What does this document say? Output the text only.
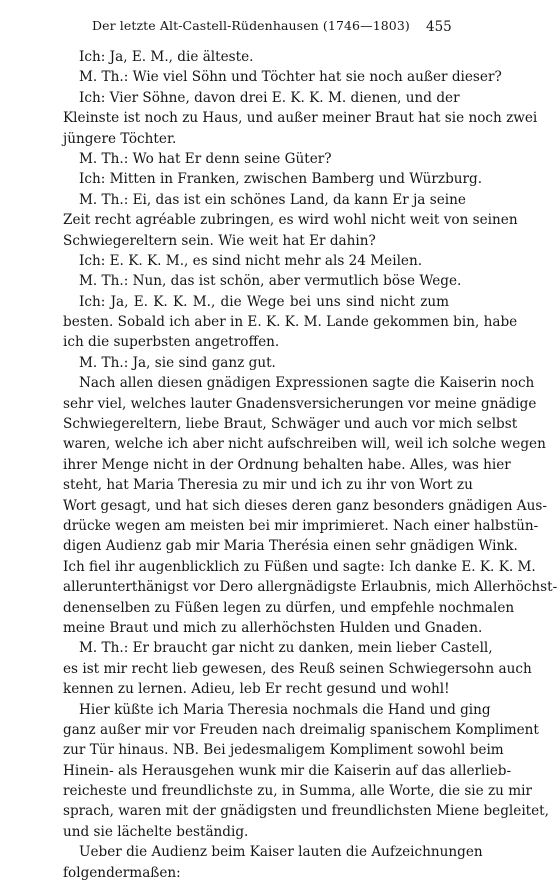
Der letzte Alt-Castell-Rüdenhausen (1746—1803)	455
Ich: Ja, E. M., die älteste.
M. Th.: Wie viel Söhn und Töchter hat sie noch außer dieser?
Ich: Vier Söhne, davon drei E. K. K. M. dienen, und der
Kleinste ist noch zu Haus, und außer meiner Braut hat sie noch zwei
jüngere Töchter.
M. Th.: Wo hat Er denn seine Güter?
Ich: Mitten in Franken, zwischen Bamberg und Würzburg.
M. Th.: Ei, das ist ein schönes Land, da kann Er ja seine
Zeit recht agréable zubringen, es wird wohl nicht weit von seinen
Schwiegereltern sein. Wie weit hat Er dahin?
Ich: E. K. K. M., es sind nicht mehr als 24 Meilen.
M. Th.: Nun, das ist schön, aber vermutlich böse Wege.
Ich: Ja, E. K. K. M., die Wege bei uns sind nicht zum
besten. Sobald ich aber in E. K. K. M. Lande gekommen bin, habe
ich die superbsten angetroffen.
M. Th.: Ja, sie sind ganz gut.
Nach allen diesen gnädigen Expressionen sagte die Kaiserin noch
sehr viel, welches lauter Gnadensversicherungen vor meine gnädige
Schwiegereltern, liebe Braut, Schwäger und auch vor mich selbst
waren, welche ich aber nicht aufschreiben will, weil ich solche wegen
ihrer Menge nicht in der Ordnung behalten habe. Alles, was hier
steht, hat Maria Theresia zu mir und ich zu ihr von Wort zu
Wort gesagt, und hat sich dieses deren ganz besonders gnädigen Aus-
drücke wegen am meisten bei mir imprimieret. Nach einer halbstün-
digen Audienz gab mir Maria Therésia einen sehr gnädigen Wink.
Ich fiel ihr augenblicklich zu Füßen und sagte: Ich danke E. K. K. M.
allerunterthänigst vor Dero allergnädigste Erlaubnis, mich Allerhöchst-
denenselben zu Füßen legen zu dürfen, und empfehle nochmalen
meine Braut und mich zu allerhöchsten Hulden und Gnaden.
M. Th.: Er braucht gar nicht zu danken, mein lieber Castell,
es ist mir recht lieb gewesen, des Reuß seinen Schwiegersohn auch
kennen zu lernen. Adieu, leb Er recht gesund und wohl!
Hier küßte ich Maria Theresia nochmals die Hand und ging
ganz außer mir vor Freuden nach dreimalig spanischem Kompliment
zur Tür hinaus. NB. Bei jedesmaligem Kompliment sowohl beim
Hinein- als Herausgehen wunk mir die Kaiserin auf das allerlieb-
reicheste und freundlichste zu, in Summa, alle Worte, die sie zu mir
sprach, waren mit der gnädigsten und freundlichsten Miene begleitet,
und sie lächelte beständig.
Ueber die Audienz beim Kaiser lauten die Aufzeichnungen
folgendermaßen:
